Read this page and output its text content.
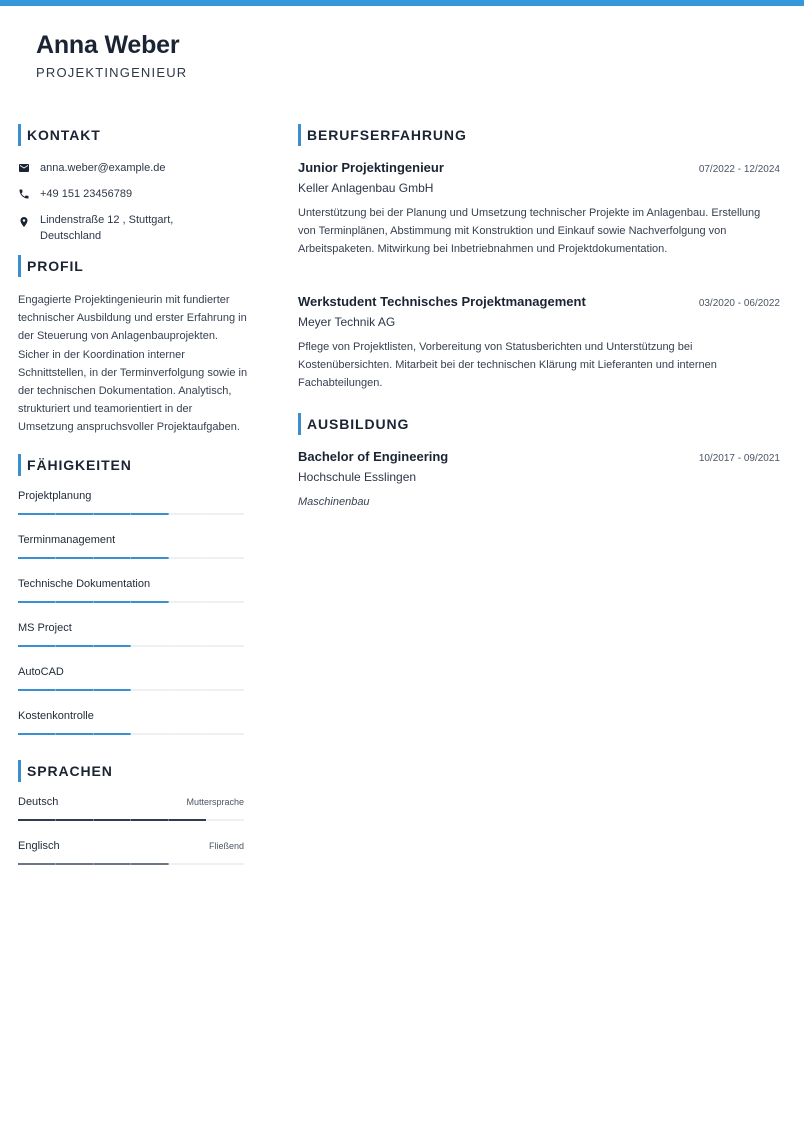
Anna Weber
PROJEKTINGENIEUR
KONTAKT
anna.weber@example.de
+49 151 23456789
Lindenstraße 12 , Stuttgart, Deutschland
PROFIL

Engagierte Projektingenieurin mit fundierter technischer Ausbildung und erster Erfahrung in der Steuerung von Anlagenbauprojekten. Sicher in der Koordination interner Schnittstellen, in der Terminverfolgung sowie in der technischen Dokumentation. Analytisch, strukturiert und teamorientiert in der Umsetzung anspruchsvoller Projektaufgaben.

FÄHIGKEITEN
Projektplanung
Terminmanagement
Technische Dokumentation
MS Project
AutoCAD
Kostenkontrolle
SPRACHEN
Deutsch	Muttersprache
Englisch	Fließend
BERUFSERFAHRUNG
Junior Projektingenieur	07/2022 - 12/2024
Keller Anlagenbau GmbH

Unterstützung bei der Planung und Umsetzung technischer Projekte im Anlagenbau. Erstellung von Terminplänen, Abstimmung mit Konstruktion und Einkauf sowie Nachverfolgung von Arbeitspaketen. Mitwirkung bei Inbetriebnahmen und Projektdokumentation.

Werkstudent Technisches Projektmanagement	03/2020 - 06/2022
Meyer Technik AG

Pflege von Projektlisten, Vorbereitung von Statusberichten und Unterstützung bei Kostenübersichten. Mitarbeit bei der technischen Klärung mit Lieferanten und internen Fachabteilungen.

AUSBILDUNG
Bachelor of Engineering	10/2017 - 09/2021
Hochschule Esslingen
Maschinenbau
